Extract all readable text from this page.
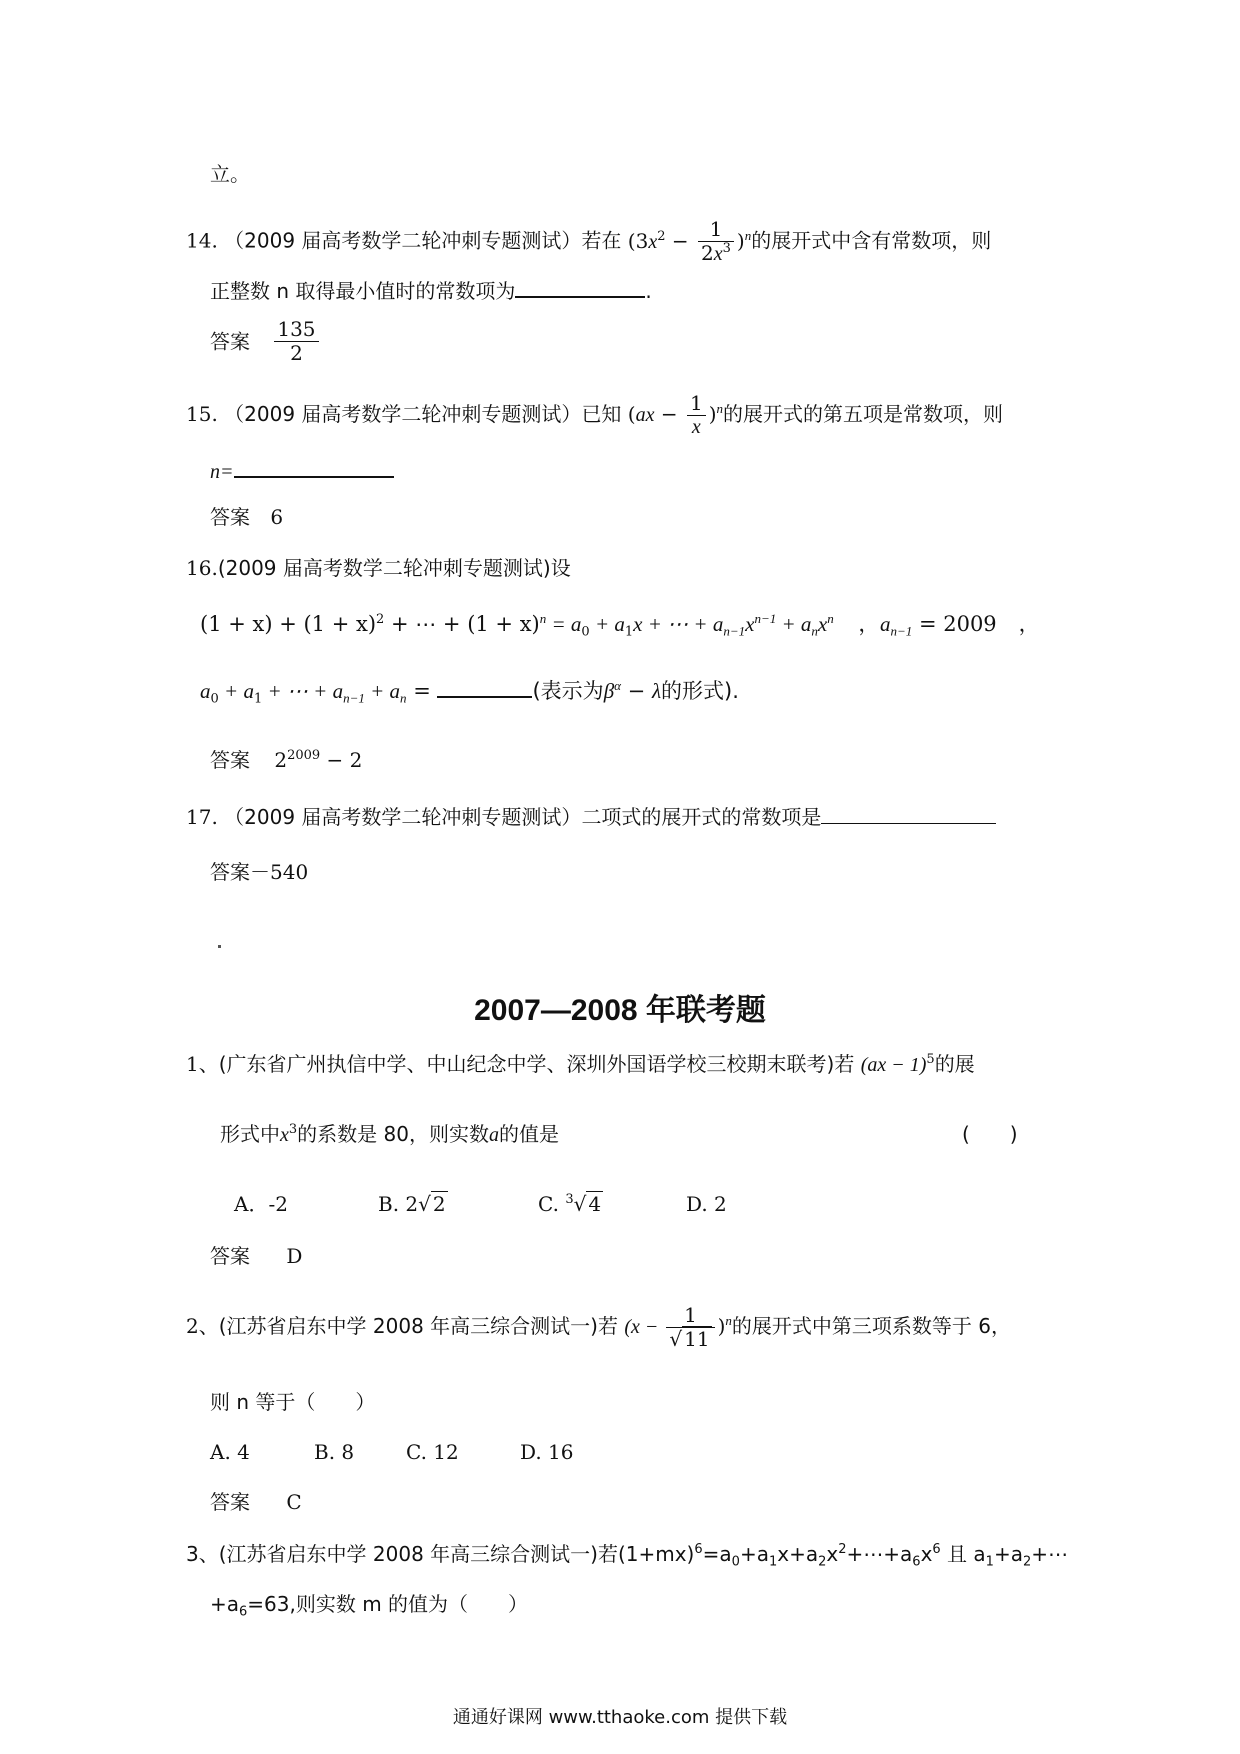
立。
14. （2009 届高考数学二轮冲刺专题测试）若在 $(3x^2 - \frac{1}{2x^3} )^n$的展开式中含有常数项，则
正整数 n 取得最小值时的常数项为	.
答案 $\frac{135}{2}$
15. （2009 届高考数学二轮冲刺专题测试）已知 $(ax - \frac{1}{x} )^n$的展开式的第五项是常数项，则
n=
答案 6
16.(2009 届高考数学二轮冲刺专题测试)设
$(1 + x) + (1 + x)^2$ + ⋯ + $(1 + x)^n = a_0 + a_1x$ + ⋯ + $a_{n-1}x^{n-1} + a_nx^n$ ， $a_{n-1} = 2009$ ，
$a_0 + a_1$ + ⋯ + $a_{n-1} + a_n$ =	(表示为$\beta^\alpha - \lambda$的形式).
答案 $2^{2009} - 2$
17. （2009 届高考数学二轮冲刺专题测试）二项式的展开式的常数项是
答案－540
2007—2008 年联考题
1、(广东省广州执信中学、中山纪念中学、深圳外国语学校三校期末联考)若 (ax − 1)$^5$的展
形式中$x^3$的系数是 80，则实数a的值是	(　　)
A．-2	B. 2√ 2	C. $^3$√ 4	D. 2
答案 D
2、(江苏省启东中学 2008 年高三综合测试一)若 $(x - \frac{1}{√ 11} )^n$的展开式中第三项系数等于 6，
则 n 等于（　　）
A. 4	B. 8	C. 12	D. 16
答案 C
3、(江苏省启东中学 2008 年高三综合测试一)若$(1+mx)^6=a_0+a_1x+a_2x^2+\cdots+a_6x^6$ 且 $a_1+a_2+\cdots$
$+a_6=63$,则实数 m 的值为（　　）
通通好课网 www.tthaoke.com 提供下载
